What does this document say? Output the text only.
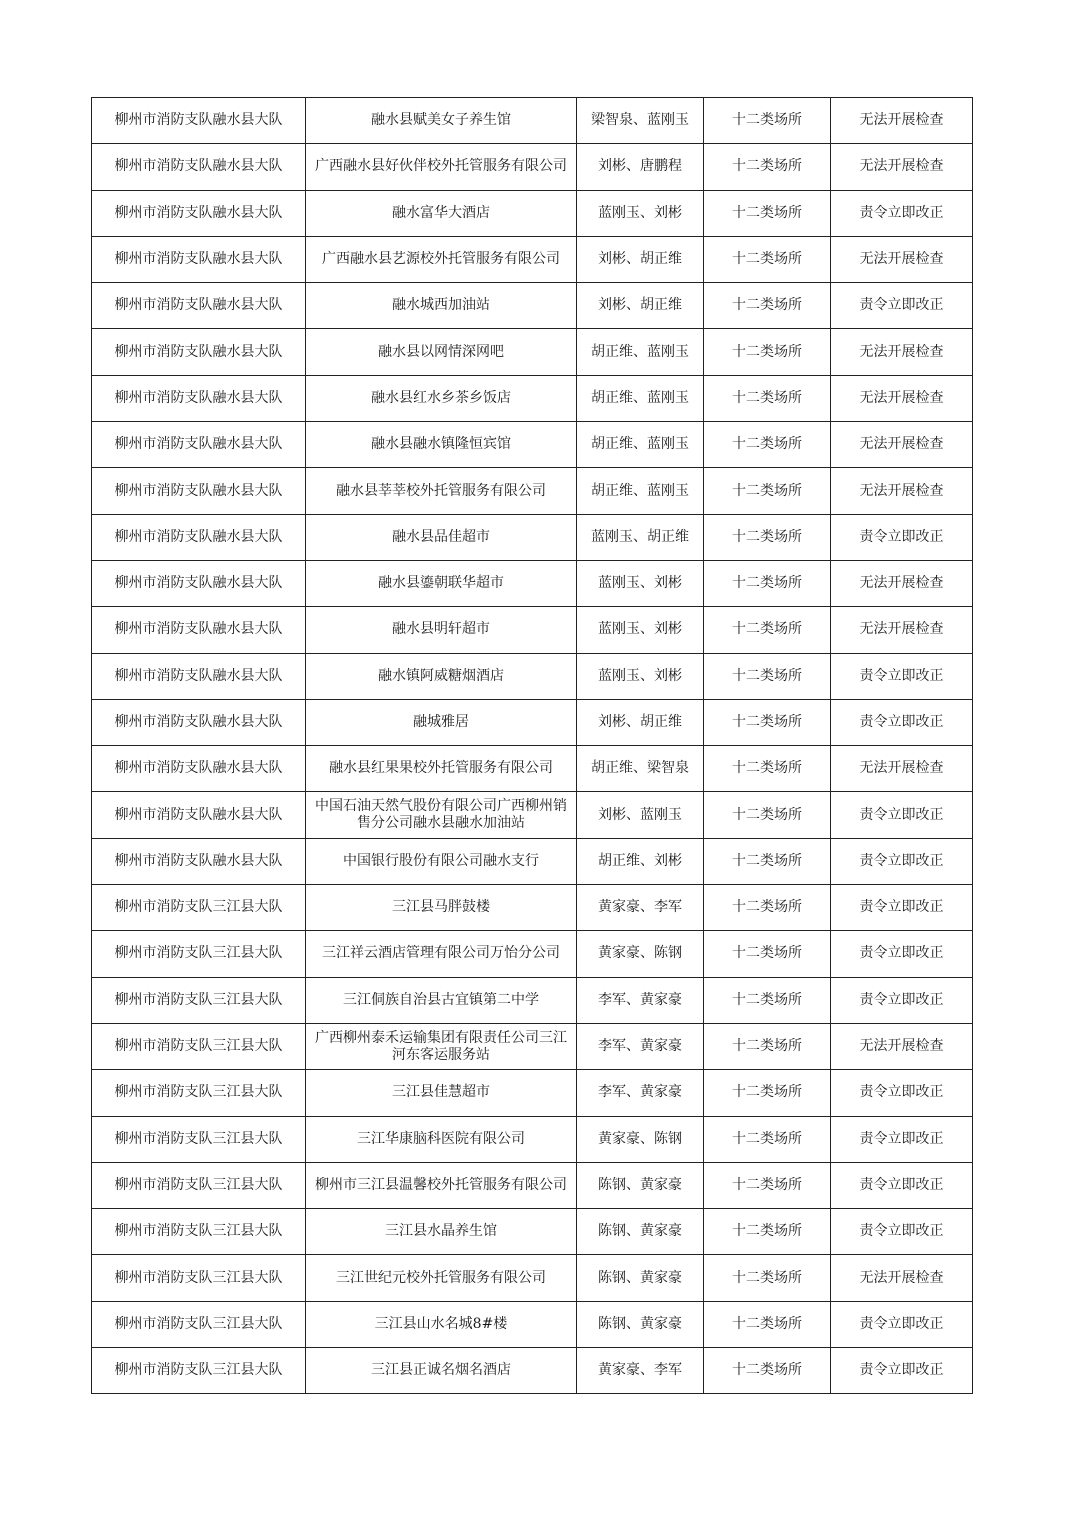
柳州市消防支队融水县大队	融水县赋美女子养生馆	梁智泉、蓝刚玉	十二类场所	无法开展检查
柳州市消防支队融水县大队	广西融水县好伙伴校外托管服务有限公司	刘彬、唐鹏程	十二类场所	无法开展检查
柳州市消防支队融水县大队	融水富华大酒店	蓝刚玉、刘彬	十二类场所	责令立即改正
柳州市消防支队融水县大队	广西融水县艺源校外托管服务有限公司	刘彬、胡正维	十二类场所	无法开展检查
柳州市消防支队融水县大队	融水城西加油站	刘彬、胡正维	十二类场所	责令立即改正
柳州市消防支队融水县大队	融水县以网情深网吧	胡正维、蓝刚玉	十二类场所	无法开展检查
柳州市消防支队融水县大队	融水县红水乡茶乡饭店	胡正维、蓝刚玉	十二类场所	无法开展检查
柳州市消防支队融水县大队	融水县融水镇隆恒宾馆	胡正维、蓝刚玉	十二类场所	无法开展检查
柳州市消防支队融水县大队	融水县莘莘校外托管服务有限公司	胡正维、蓝刚玉	十二类场所	无法开展检查
柳州市消防支队融水县大队	融水县品佳超市	蓝刚玉、胡正维	十二类场所	责令立即改正
柳州市消防支队融水县大队	融水县鎏朝联华超市	蓝刚玉、刘彬	十二类场所	无法开展检查
柳州市消防支队融水县大队	融水县明轩超市	蓝刚玉、刘彬	十二类场所	无法开展检查
柳州市消防支队融水县大队	融水镇阿威糖烟酒店	蓝刚玉、刘彬	十二类场所	责令立即改正
柳州市消防支队融水县大队	融城雅居	刘彬、胡正维	十二类场所	责令立即改正
柳州市消防支队融水县大队	融水县红果果校外托管服务有限公司	胡正维、梁智泉	十二类场所	无法开展检查
柳州市消防支队融水县大队	中国石油天然气股份有限公司广西柳州销售分公司融水县融水加油站	刘彬、蓝刚玉	十二类场所	责令立即改正
柳州市消防支队融水县大队	中国银行股份有限公司融水支行	胡正维、刘彬	十二类场所	责令立即改正
柳州市消防支队三江县大队	三江县马胖鼓楼	黄家豪、李军	十二类场所	责令立即改正
柳州市消防支队三江县大队	三江祥云酒店管理有限公司万怡分公司	黄家豪、陈钢	十二类场所	责令立即改正
柳州市消防支队三江县大队	三江侗族自治县古宜镇第二中学	李军、黄家豪	十二类场所	责令立即改正
柳州市消防支队三江县大队	广西柳州泰禾运输集团有限责任公司三江河东客运服务站	李军、黄家豪	十二类场所	无法开展检查
柳州市消防支队三江县大队	三江县佳慧超市	李军、黄家豪	十二类场所	责令立即改正
柳州市消防支队三江县大队	三江华康脑科医院有限公司	黄家豪、陈钢	十二类场所	责令立即改正
柳州市消防支队三江县大队	柳州市三江县温馨校外托管服务有限公司	陈钢、黄家豪	十二类场所	责令立即改正
柳州市消防支队三江县大队	三江县水晶养生馆	陈钢、黄家豪	十二类场所	责令立即改正
柳州市消防支队三江县大队	三江世纪元校外托管服务有限公司	陈钢、黄家豪	十二类场所	无法开展检查
柳州市消防支队三江县大队	三江县山水名城8#楼	陈钢、黄家豪	十二类场所	责令立即改正
柳州市消防支队三江县大队	三江县正诚名烟名酒店	黄家豪、李军	十二类场所	责令立即改正
